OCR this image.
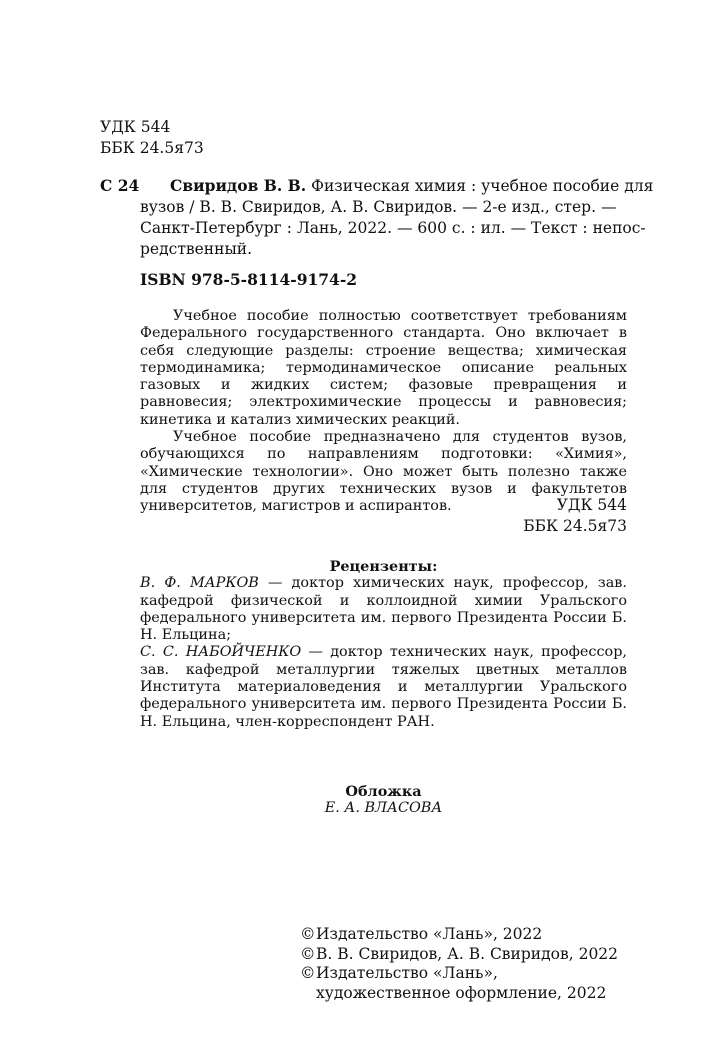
УДК 544
ББК 24.5я73
С 24 Свиридов В. В. Физическая химия : учебное пособие для
вузов / В. В. Свиридов, А. В. Свиридов. — 2-е изд., стер. —
Санкт-Петербург : Лань, 2022. — 600 с. : ил. — Текст : непос-
редственный.
ISBN 978-5-8114-9174-2

Учебное пособие полностью соответствует требованиям Федерального государственного стандарта. Оно включает в себя следующие разделы: строение вещества; химическая термодинамика; термодинамическое описание реальных газовых и жидких систем; фазовые превращения и равновесия; электрохимические процессы и равновесия; кинетика и катализ химических реакций.

Учебное пособие предназначено для студентов вузов, обучающихся по направлениям подготовки: «Химия», «Химические технологии». Оно может быть полезно также для студентов других технических вузов и факультетов университетов, магистров и аспирантов.	УДК 544
ББК 24.5я73
Рецензенты:

В. Ф. МАРКОВ — доктор химических наук, профессор, зав. кафедрой физической и коллоидной химии Уральского федерального университета им. первого Президента России Б. Н. Ельцина;

С. С. НАБОЙЧЕНКО — доктор технических наук, профессор, зав. кафедрой металлургии тяжелых цветных металлов Института материаловедения и металлургии Уральского федерального университета им. первого Президента России Б. Н. Ельцина, член-корреспондент РАН.

Обложка
Е. А. ВЛАСОВА
©Издательство «Лань», 2022
©В. В. Свиридов, А. В. Свиридов, 2022
©Издательство «Лань»,
художественное оформление, 2022
